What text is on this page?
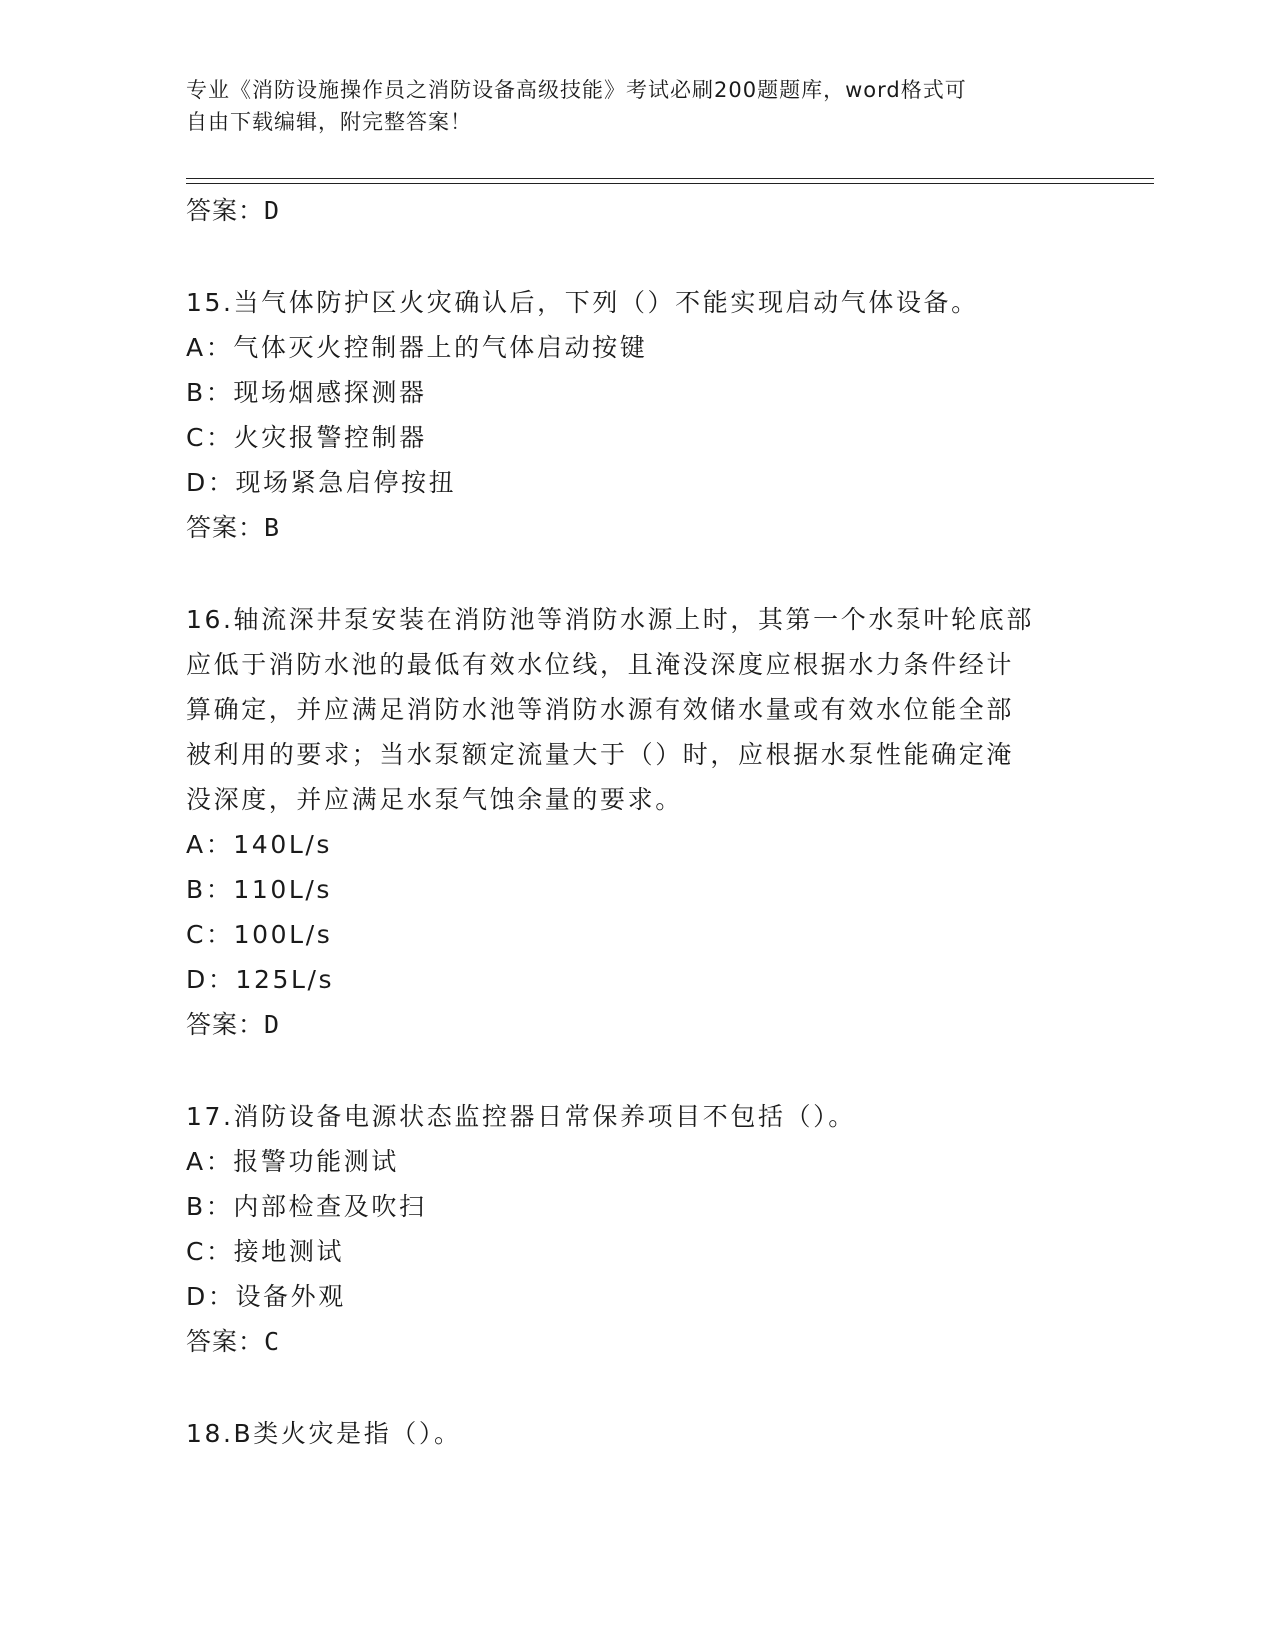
专业《消防设施操作员之消防设备高级技能》考试必刷200题题库，word格式可
自由下载编辑，附完整答案！
答案：D
15.当气体防护区火灾确认后，下列（）不能实现启动气体设备。
A：气体灭火控制器上的气体启动按键
B：现场烟感探测器
C：火灾报警控制器
D：现场紧急启停按扭
答案：B
16.轴流深井泵安装在消防池等消防水源上时，其第一个水泵叶轮底部
应低于消防水池的最低有效水位线，且淹没深度应根据水力条件经计
算确定，并应满足消防水池等消防水源有效储水量或有效水位能全部
被利用的要求；当水泵额定流量大于（）时，应根据水泵性能确定淹
没深度，并应满足水泵气蚀余量的要求。
A：140L/s
B：110L/s
C：100L/s
D：125L/s
答案：D
17.消防设备电源状态监控器日常保养项目不包括（）。
A：报警功能测试
B：内部检查及吹扫
C：接地测试
D：设备外观
答案：C
18.B类火灾是指（）。
